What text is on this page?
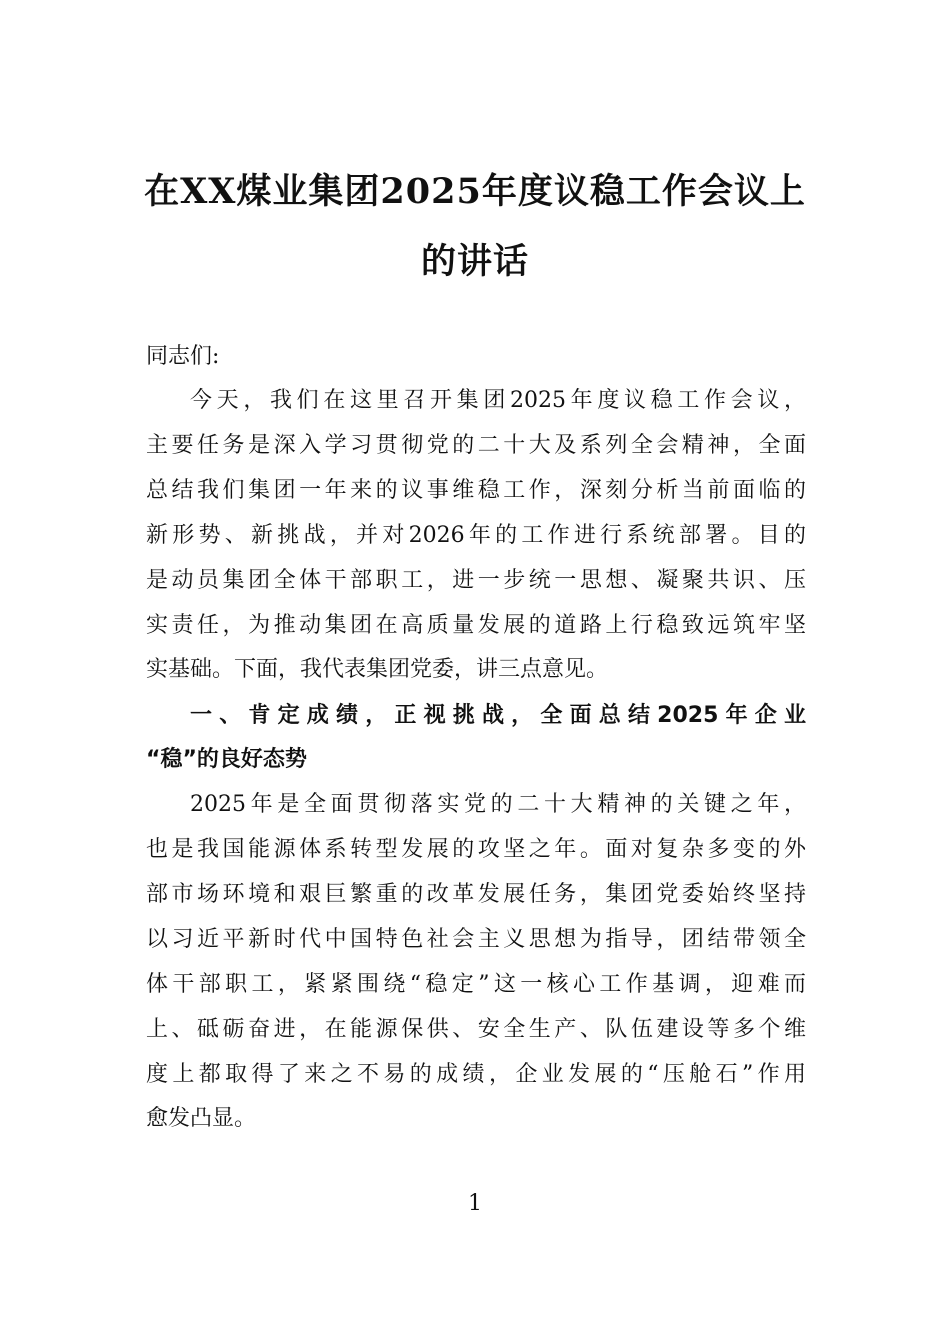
在XX煤业集团2025年度议稳工作会议上
的讲话

同志们:

今天，我们在这里召开集团2025年度议稳工作会议，

主要任务是深入学习贯彻党的二十大及系列全会精神，全面

总结我们集团一年来的议事维稳工作，深刻分析当前面临的

新形势、新挑战，并对2026年的工作进行系统部署。目的

是动员集团全体干部职工，进一步统一思想、凝聚共识、压

实责任，为推动集团在高质量发展的道路上行稳致远筑牢坚

实基础。下面，我代表集团党委，讲三点意见。

一、肯定成绩，正视挑战，全面总结2025年企业

“稳”的良好态势

2025年是全面贯彻落实党的二十大精神的关键之年，

也是我国能源体系转型发展的攻坚之年。面对复杂多变的外

部市场环境和艰巨繁重的改革发展任务，集团党委始终坚持

以习近平新时代中国特色社会主义思想为指导，团结带领全

体干部职工，紧紧围绕“稳定”这一核心工作基调，迎难而

上、砥砺奋进，在能源保供、安全生产、队伍建设等多个维

度上都取得了来之不易的成绩，企业发展的“压舱石”作用

愈发凸显。

1
